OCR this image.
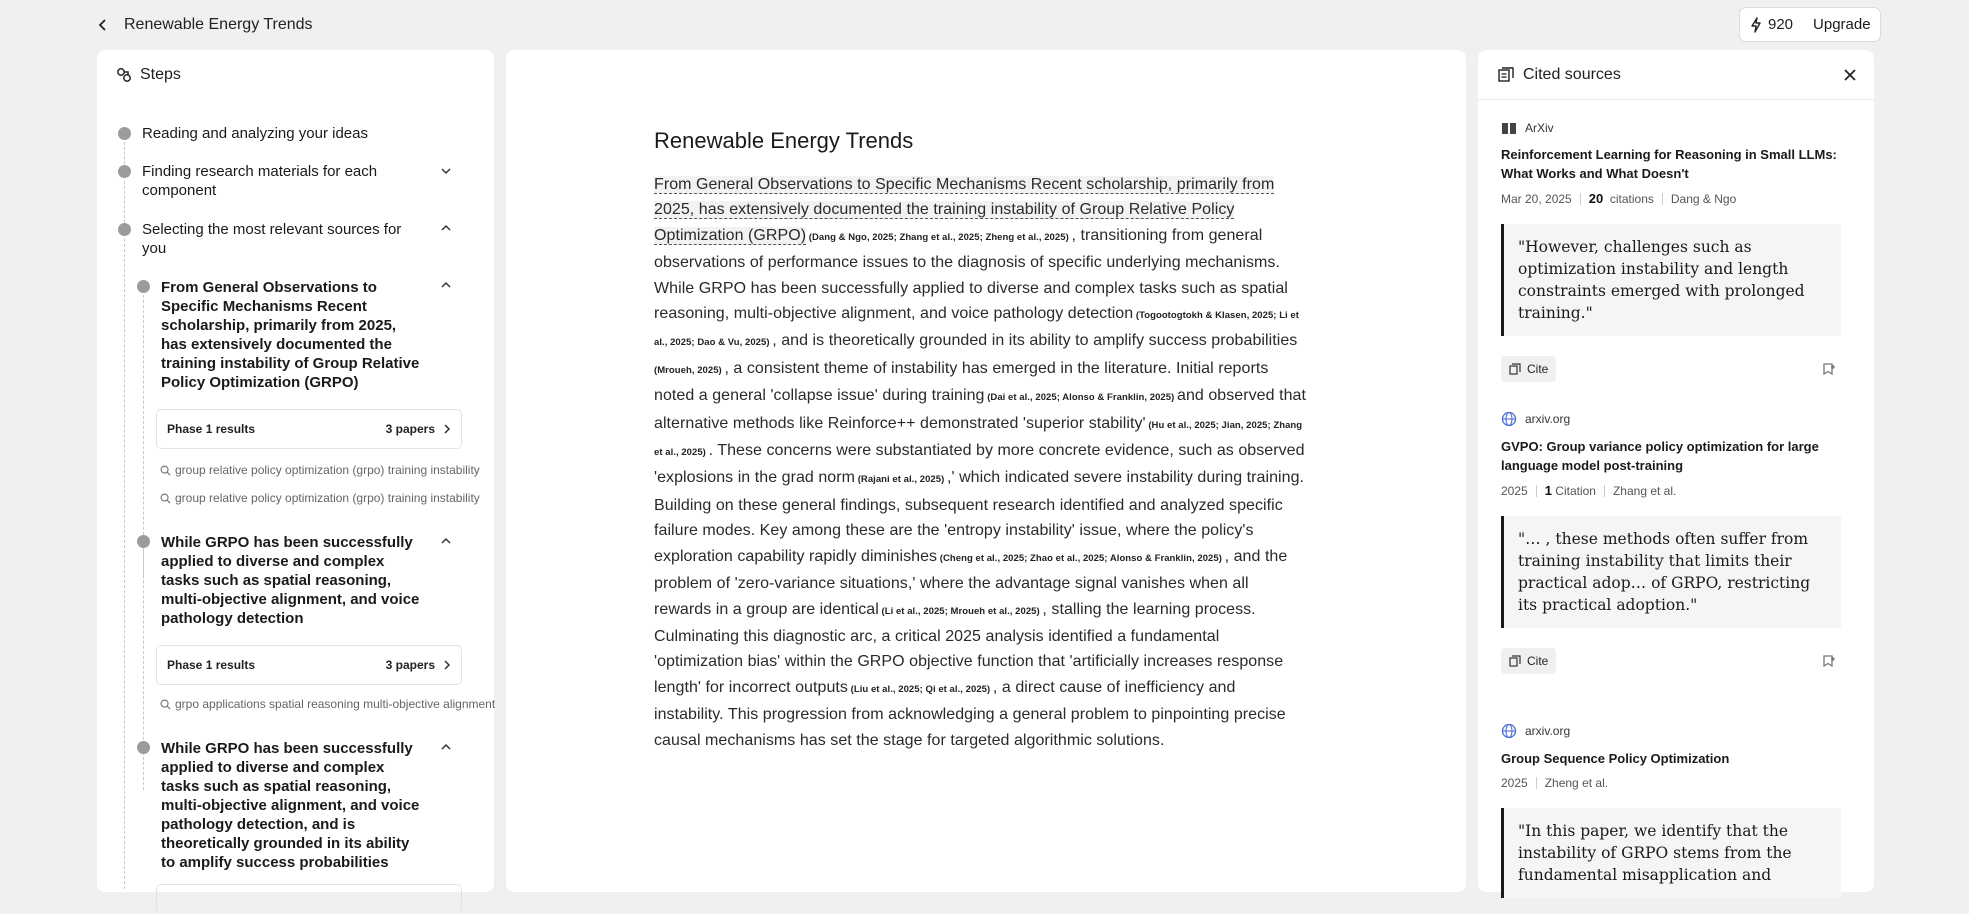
Renewable Energy Trends	920 Upgrade
Steps
Reading and analyzing your ideas
Finding research materials for each component
Selecting the most relevant sources for you
From General Observations to Specific Mechanisms Recent scholarship, primarily from 2025, has extensively documented the training instability of Group Relative Policy Optimization (GRPO)
Phase 1 results	3 papers
group relative policy optimization (grpo) training instability
group relative policy optimization (grpo) training instability
While GRPO has been successfully applied to diverse and complex tasks such as spatial reasoning, multi-objective alignment, and voice pathology detection
Phase 1 results	3 papers
grpo applications spatial reasoning multi-objective alignment
While GRPO has been successfully applied to diverse and complex tasks such as spatial reasoning, multi-objective alignment, and voice pathology detection, and is theoretically grounded in its ability to amplify success probabilities
Renewable Energy Trends
From General Observations to Specific Mechanisms Recent scholarship, primarily from 2025, has extensively documented the training instability of Group Relative Policy Optimization (GRPO) (Dang & Ngo, 2025; Zhang et al., 2025; Zheng et al., 2025) , transitioning from general observations of performance issues to the diagnosis of specific underlying mechanisms. While GRPO has been successfully applied to diverse and complex tasks such as spatial reasoning, multi-objective alignment, and voice pathology detection (Togootogtokh & Klasen, 2025; Li et al., 2025; Dao & Vu, 2025) , and is theoretically grounded in its ability to amplify success probabilities (Mroueh, 2025) , a consistent theme of instability has emerged in the literature. Initial reports noted a general 'collapse issue' during training (Dai et al., 2025; Alonso & Franklin, 2025) and observed that alternative methods like Reinforce++ demonstrated 'superior stability' (Hu et al., 2025; Jian, 2025; Zhang et al., 2025) . These concerns were substantiated by more concrete evidence, such as observed 'explosions in the grad norm (Rajani et al., 2025) ,' which indicated severe instability during training. Building on these general findings, subsequent research identified and analyzed specific failure modes. Key among these are the 'entropy instability' issue, where the policy's exploration capability rapidly diminishes (Cheng et al., 2025; Zhao et al., 2025; Alonso & Franklin, 2025) , and the problem of 'zero-variance situations,' where the advantage signal vanishes when all rewards in a group are identical (Li et al., 2025; Mroueh et al., 2025) , stalling the learning process. Culminating this diagnostic arc, a critical 2025 analysis identified a fundamental 'optimization bias' within the GRPO objective function that 'artificially increases response length' for incorrect outputs (Liu et al., 2025; Qi et al., 2025) , a direct cause of inefficiency and instability. This progression from acknowledging a general problem to pinpointing precise causal mechanisms has set the stage for targeted algorithmic solutions.
Cited sources
ArXiv
Reinforcement Learning for Reasoning in Small LLMs: What Works and What Doesn't
Mar 20, 2025 20 citations Dang & Ngo
"However, challenges such as optimization instability and length constraints emerged with prolonged training."
Cite
arxiv.org
GVPO: Group variance policy optimization for large language model post-training
2025 1 Citation Zhang et al.
"… , these methods often suffer from training instability that limits their practical adop… of GRPO, restricting its practical adoption."
Cite
arxiv.org
Group Sequence Policy Optimization
2025 Zheng et al.
"In this paper, we identify that the instability of GRPO stems from the fundamental misapplication and
